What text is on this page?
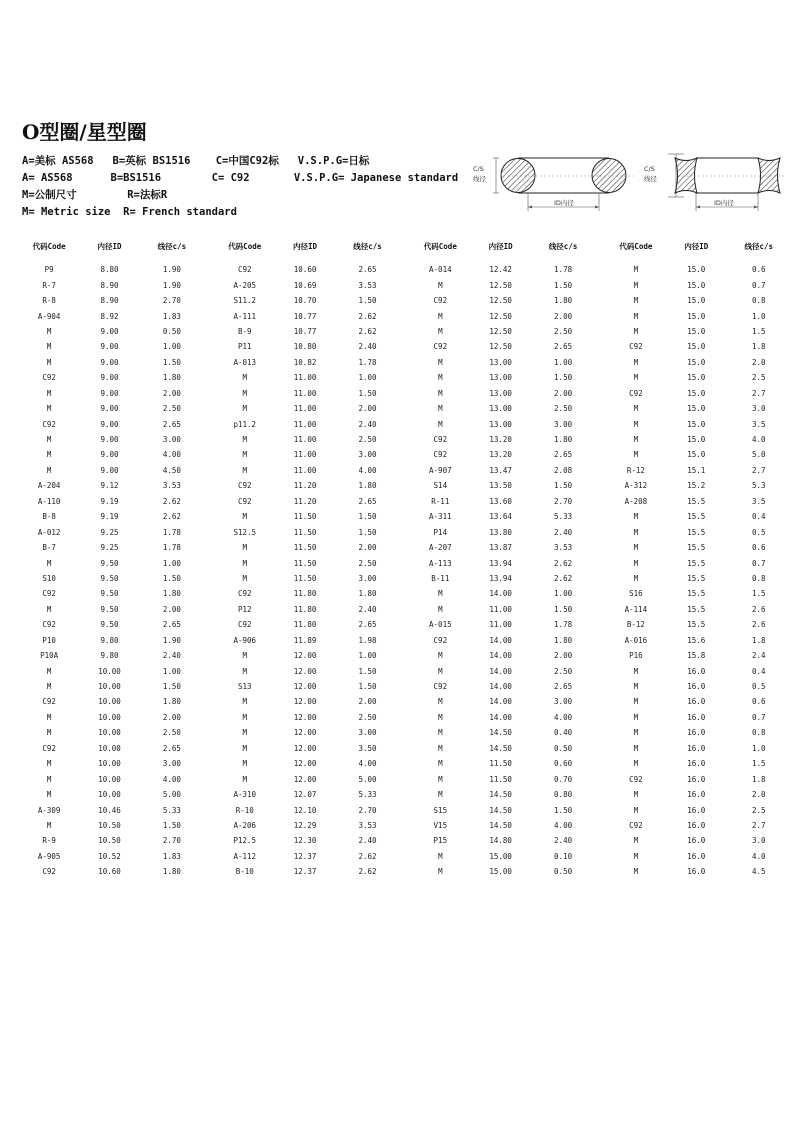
O型圈/星型圈
A=美标 AS568   B=英标 BS1516    C=中国C92标   V.S.P.G=日标
A= AS568      B=BS1516        C= C92       V.S.P.G= Japanese standard
M=公制尺寸        R=法标R
M= Metric size  R= French standard
C/S
线径
ID内径
C/S
线径
ID内径
代码Code	内径ID	线径c/s		代码Code	内径ID	线径c/s		代码Code	内径ID	线径c/s		代码Code	内径ID	线径c/s

P9	8.80	1.90		C92	10.60	2.65		A-014	12.42	1.78		M	15.0	0.6
R-7	8.90	1.90		A-205	10.69	3.53		M	12.50	1.50		M	15.0	0.7
R-8	8.90	2.70		S11.2	10.70	1.50		C92	12.50	1.80		M	15.0	0.8
A-904	8.92	1.83		A-111	10.77	2.62		M	12.50	2.00		M	15.0	1.0
M	9.00	0.50		B-9	10.77	2.62		M	12.50	2.50		M	15.0	1.5
M	9.00	1.00		P11	10.80	2.40		C92	12.50	2.65		C92	15.0	1.8
M	9.00	1.50		A-013	10.82	1.78		M	13.00	1.00		M	15.0	2.0
C92	9.00	1.80		M	11.00	1.00		M	13.00	1.50		M	15.0	2.5
M	9.00	2.00		M	11.00	1.50		M	13.00	2.00		C92	15.0	2.7
M	9.00	2.50		M	11.00	2.00		M	13.00	2.50		M	15.0	3.0
C92	9.00	2.65		p11.2	11.00	2.40		M	13.00	3.00		M	15.0	3.5
M	9.00	3.00		M	11.00	2.50		C92	13.20	1.80		M	15.0	4.0
M	9.00	4.00		M	11.00	3.00		C92	13.20	2.65		M	15.0	5.0
M	9.00	4.50		M	11.00	4.00		A-907	13.47	2.08		R-12	15.1	2.7
A-204	9.12	3.53		C92	11.20	1.80		S14	13.50	1.50		A-312	15.2	5.3
A-110	9.19	2.62		C92	11.20	2.65		R-11	13.60	2.70		A-208	15.5	3.5
B-8	9.19	2.62		M	11.50	1.50		A-311	13.64	5.33		M	15.5	0.4
A-012	9.25	1.78		S12.5	11.50	1.50		P14	13.80	2.40		M	15.5	0.5
B-7	9.25	1.78		M	11.50	2.00		A-207	13.87	3.53		M	15.5	0.6
M	9.50	1.00		M	11.50	2.50		A-113	13.94	2.62		M	15.5	0.7
S10	9.50	1.50		M	11.50	3.00		B-11	13.94	2.62		M	15.5	0.8
C92	9.50	1.80		C92	11.80	1.80		M	14.00	1.00		S16	15.5	1.5
M	9.50	2.00		P12	11.80	2.40		M	11.00	1.50		A-114	15.5	2.6
C92	9.50	2.65		C92	11.80	2.65		A-015	11.00	1.78		B-12	15.5	2.6
P10	9.80	1.90		A-906	11.89	1.98		C92	14.00	1.80		A-016	15.6	1.8
P10A	9.80	2.40		M	12.00	1.00		M	14.00	2.00		P16	15.8	2.4
M	10.00	1.00		M	12.00	1.50		M	14.00	2.50		M	16.0	0.4
M	10.00	1.50		S13	12.00	1.50		C92	14.00	2.65		M	16.0	0.5
C92	10.00	1.80		M	12.00	2.00		M	14.00	3.00		M	16.0	0.6
M	10.00	2.00		M	12.00	2.50		M	14.00	4.00		M	16.0	0.7
M	10.00	2.50		M	12.00	3.00		M	14.50	0.40		M	16.0	0.8
C92	10.00	2.65		M	12.00	3.50		M	14.50	0.50		M	16.0	1.0
M	10.00	3.00		M	12.00	4.00		M	11.50	0.60		M	16.0	1.5
M	10.00	4.00		M	12.00	5.00		M	11.50	0.70		C92	16.0	1.8
M	10.00	5.00		A-310	12.07	5.33		M	14.50	0.80		M	16.0	2.0
A-309	10.46	5.33		R-10	12.10	2.70		S15	14.50	1.50		M	16.0	2.5
M	10.50	1.50		A-206	12.29	3.53		V15	14.50	4.00		C92	16.0	2.7
R-9	10.50	2.70		P12.5	12.30	2.40		P15	14.80	2.40		M	16.0	3.0
A-905	10.52	1.83		A-112	12.37	2.62		M	15.00	0.10		M	16.0	4.0
C92	10.60	1.80		B-10	12.37	2.62		M	15.00	0.50		M	16.0	4.5
